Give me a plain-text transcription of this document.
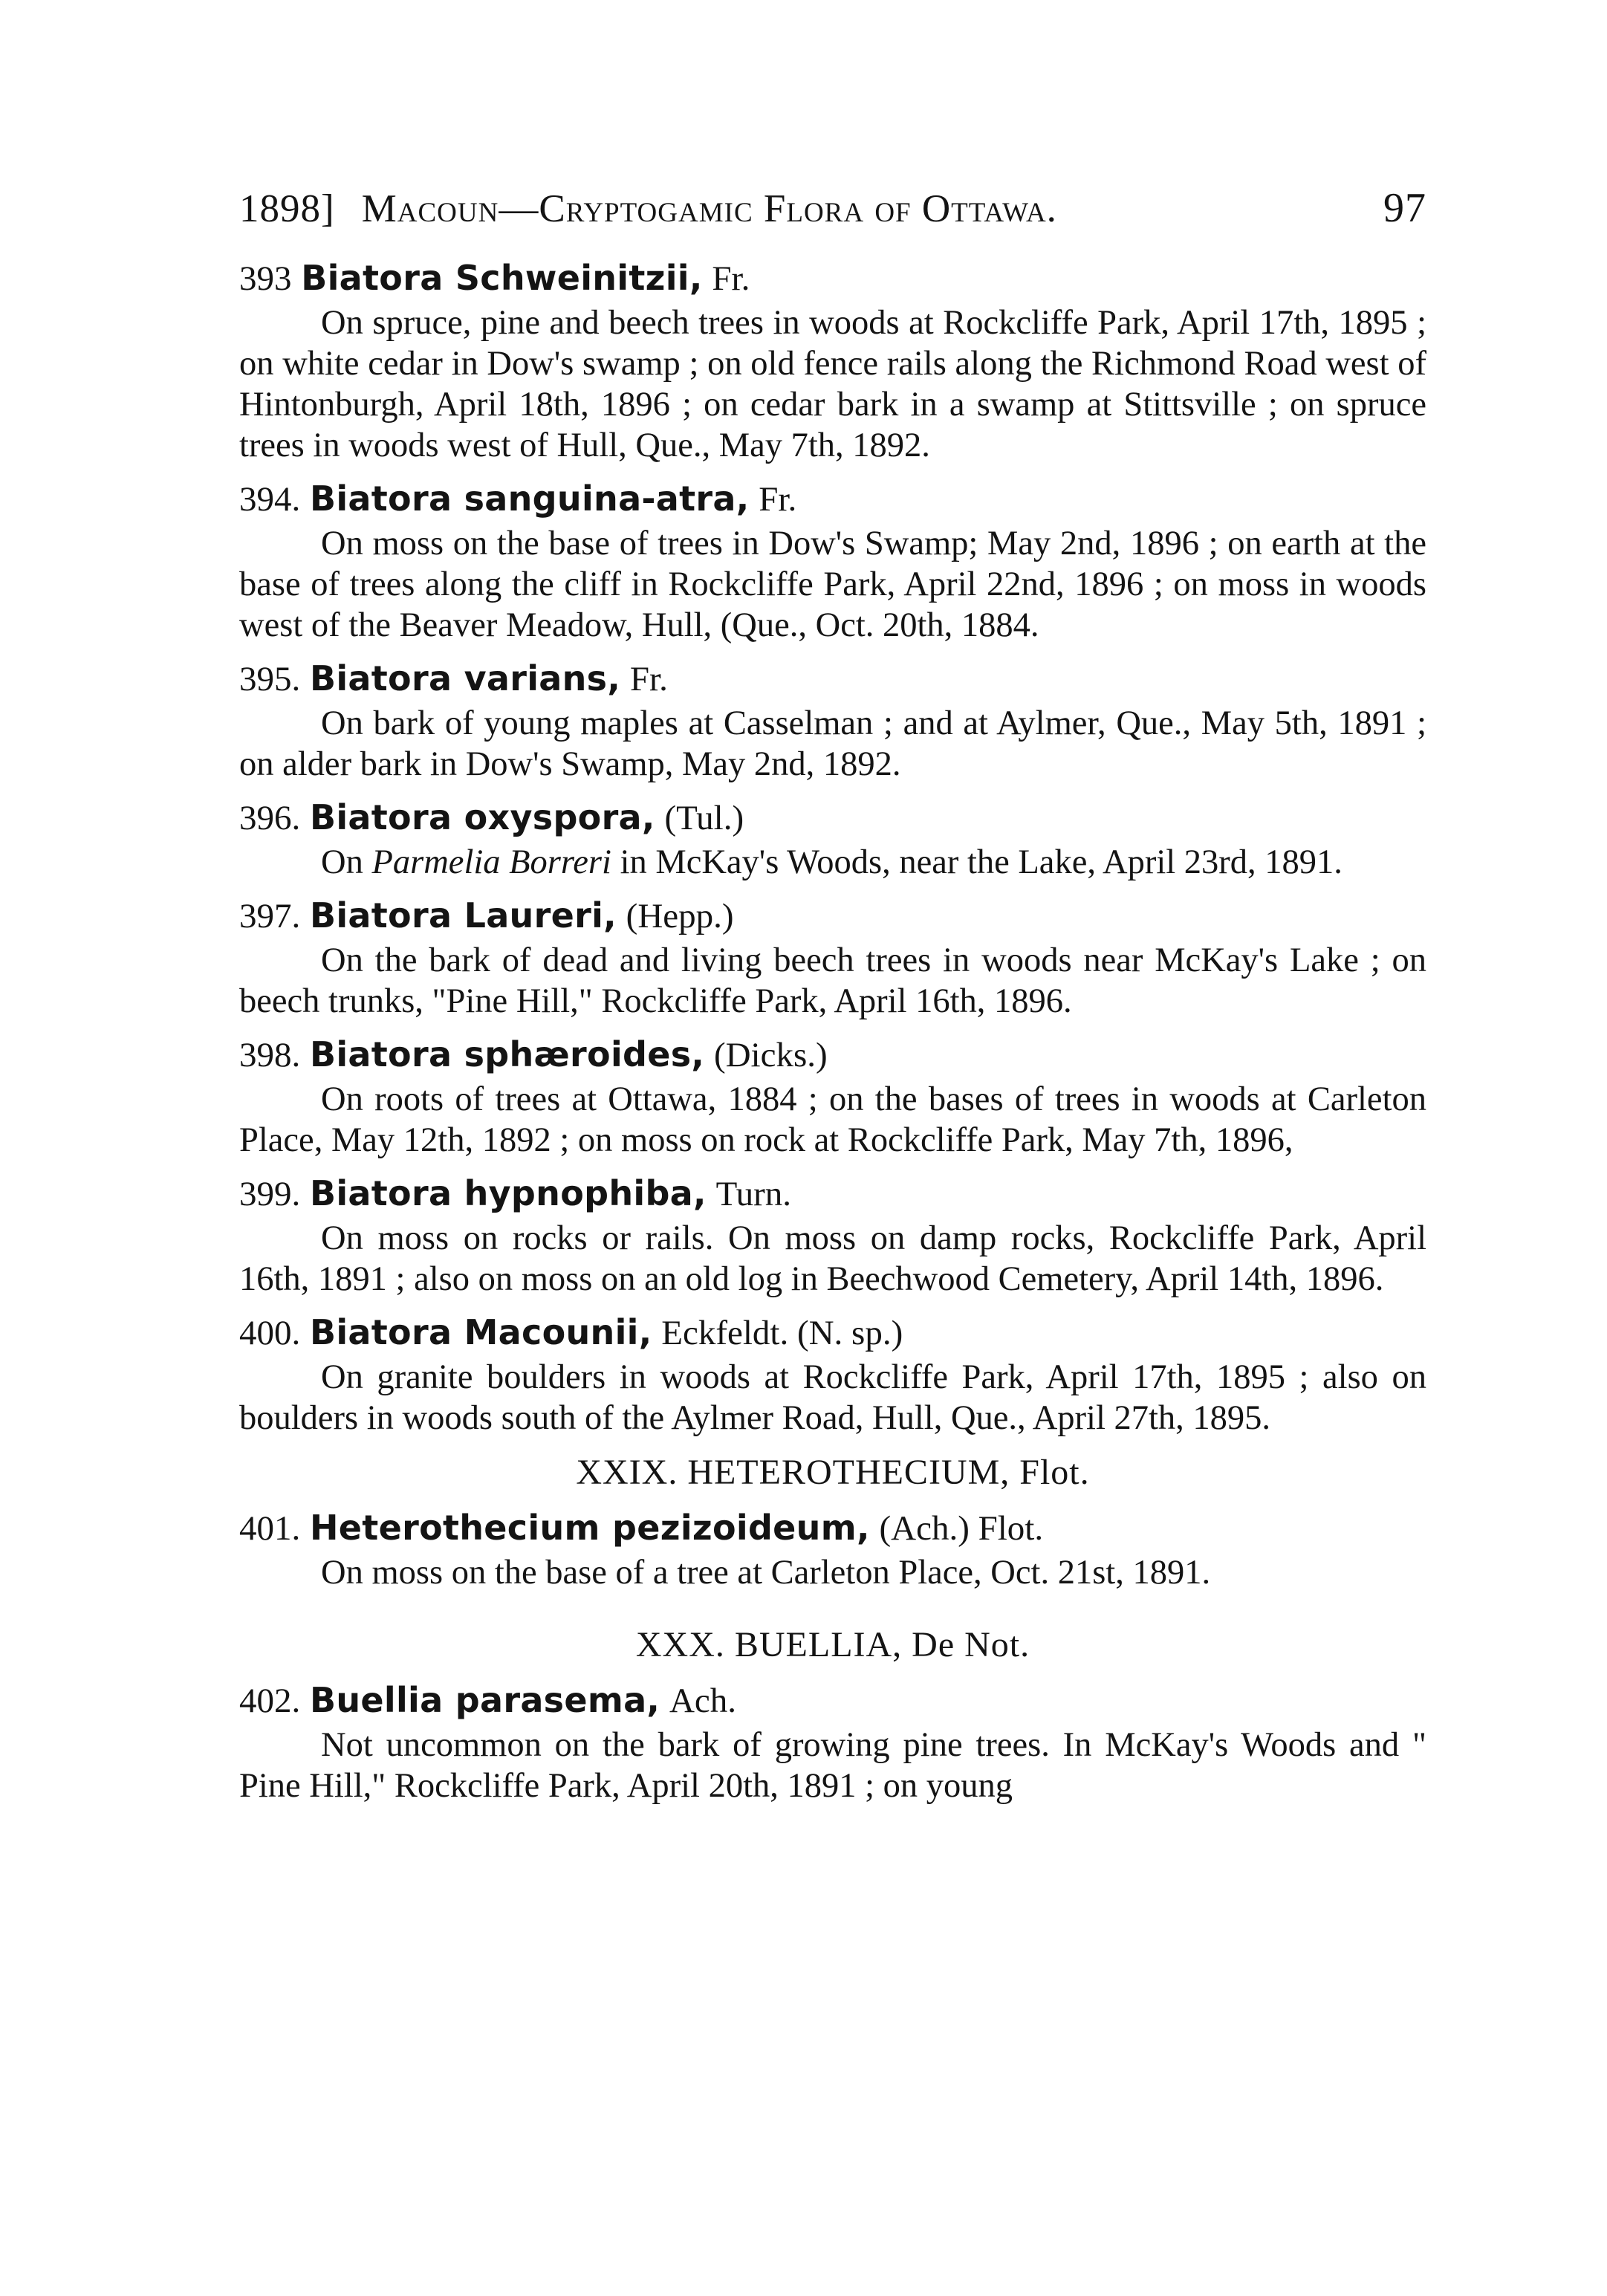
1898] Macoun—Cryptogamic Flora of Ottawa.	97
393 Biatora Schweinitzii, Fr.

On spruce, pine and beech trees in woods at Rockcliffe Park, April 17th, 1895 ; on white cedar in Dow's swamp ; on old fence rails along the Richmond Road west of Hintonburgh, April 18th, 1896 ; on cedar bark in a swamp at Stittsville ; on spruce trees in woods west of Hull, Que., May 7th, 1892.

394. Biatora sanguina-atra, Fr.

On moss on the base of trees in Dow's Swamp; May 2nd, 1896 ; on earth at the base of trees along the cliff in Rockcliffe Park, April 22nd, 1896 ; on moss in woods west of the Beaver Meadow, Hull, (Que., Oct. 20th, 1884.

395. Biatora varians, Fr.

On bark of young maples at Casselman ; and at Aylmer, Que., May 5th, 1891 ; on alder bark in Dow's Swamp, May 2nd, 1892.

396. Biatora oxyspora, (Tul.)

On Parmelia Borreri in McKay's Woods, near the Lake, April 23rd, 1891.

397. Biatora Laureri, (Hepp.)

On the bark of dead and living beech trees in woods near McKay's Lake ; on beech trunks, "Pine Hill," Rockcliffe Park, April 16th, 1896.

398. Biatora sphæroides, (Dicks.)

On roots of trees at Ottawa, 1884 ; on the bases of trees in woods at Carleton Place, May 12th, 1892 ; on moss on rock at Rockcliffe Park, May 7th, 1896,

399. Biatora hypnophiba, Turn.

On moss on rocks or rails. On moss on damp rocks, Rockcliffe Park, April 16th, 1891 ; also on moss on an old log in Beechwood Cemetery, April 14th, 1896.

400. Biatora Macounii, Eckfeldt. (N. sp.)

On granite boulders in woods at Rockcliffe Park, April 17th, 1895 ; also on boulders in woods south of the Aylmer Road, Hull, Que., April 27th, 1895.

XXIX. HETEROTHECIUM, Flot.
401. Heterothecium pezizoideum, (Ach.) Flot.

On moss on the base of a tree at Carleton Place, Oct. 21st, 1891.

XXX. BUELLIA, De Not.
402. Buellia parasema, Ach.

Not uncommon on the bark of growing pine trees. In McKay's Woods and " Pine Hill," Rockcliffe Park, April 20th, 1891 ; on young
